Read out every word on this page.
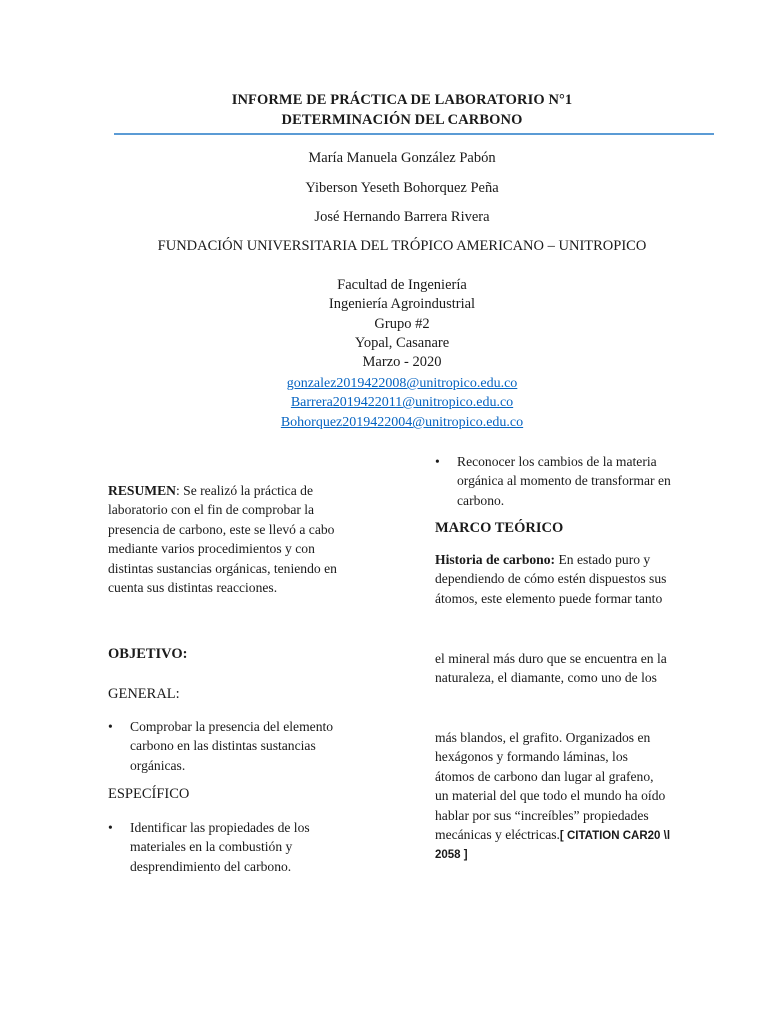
INFORME DE PRÁCTICA DE LABORATORIO N°1
DETERMINACIÓN DEL CARBONO
María Manuela González Pabón
Yiberson Yeseth Bohorquez Peña
José Hernando Barrera Rivera
FUNDACIÓN UNIVERSITARIA DEL TRÓPICO AMERICANO – UNITROPICO
Facultad de Ingeniería
Ingeniería Agroindustrial
Grupo #2
Yopal, Casanare
Marzo - 2020
gonzalez2019422008@unitropico.edu.co
Barrera2019422011@unitropico.edu.co
Bohorquez2019422004@unitropico.edu.co
RESUMEN: Se realizó la práctica de
laboratorio con el fin de comprobar la
presencia de carbono, este se llevó a cabo
mediante varios procedimientos y con
distintas sustancias orgánicas, teniendo en
cuenta sus distintas reacciones.
OBJETIVO:
GENERAL:
• Comprobar la presencia del elemento
carbono en las distintas sustancias
orgánicas.
ESPECÍFICO
• Identificar las propiedades de los
materiales en la combustión y
desprendimiento del carbono.
• Reconocer los cambios de la materia
orgánica al momento de transformar en
carbono.
MARCO TEÓRICO
Historia de carbono: En estado puro y
dependiendo de cómo estén dispuestos sus
átomos, este elemento puede formar tanto
el mineral más duro que se encuentra en la
naturaleza, el diamante, como uno de los
más blandos, el grafito. Organizados en
hexágonos y formando láminas, los
átomos de carbono dan lugar al grafeno,
un material del que todo el mundo ha oído
hablar por sus “increíbles” propiedades
mecánicas y eléctricas.[ CITATION CAR20 \l
2058 ]
